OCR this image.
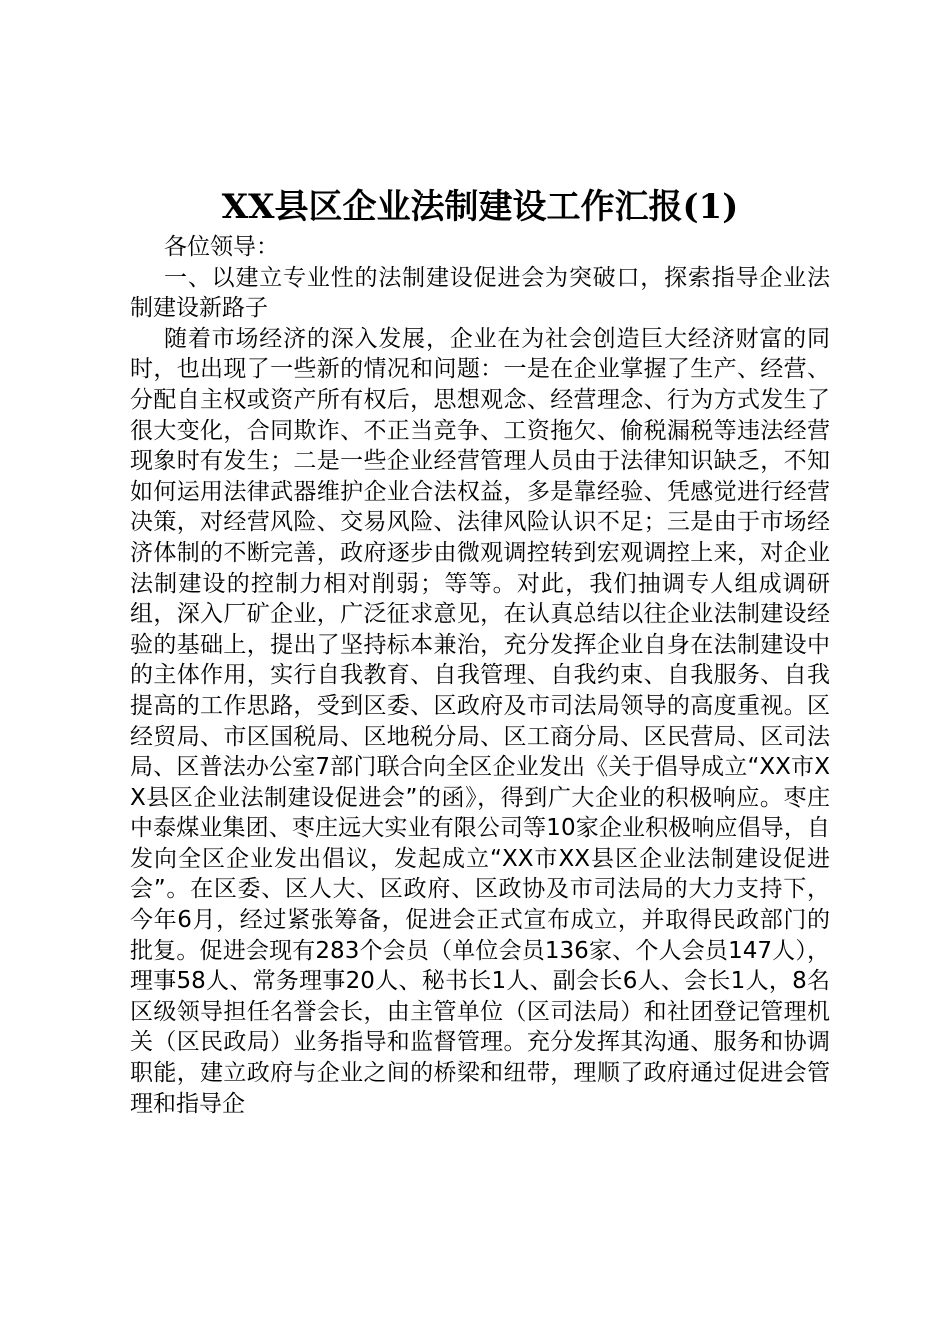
XX县区企业法制建设工作汇报(1)

各位领导：

一、以建立专业性的法制建设促进会为突破口，探索指导企业法制建设新路子

随着市场经济的深入发展，企业在为社会创造巨大经济财富的同时，也出现了一些新的情况和问题：一是在企业掌握了生产、经营、分配自主权或资产所有权后，思想观念、经营理念、行为方式发生了很大变化，合同欺诈、不正当竞争、工资拖欠、偷税漏税等违法经营现象时有发生；二是一些企业经营管理人员由于法律知识缺乏，不知如何运用法律武器维护企业合法权益，多是靠经验、凭感觉进行经营决策，对经营风险、交易风险、法律风险认识不足；三是由于市场经济体制的不断完善，政府逐步由微观调控转到宏观调控上来，对企业法制建设的控制力相对削弱；等等。对此，我们抽调专人组成调研组，深入厂矿企业，广泛征求意见，在认真总结以往企业法制建设经验的基础上，提出了坚持标本兼治，充分发挥企业自身在法制建设中的主体作用，实行自我教育、自我管理、自我约束、自我服务、自我提高的工作思路，受到区委、区政府及市司法局领导的高度重视。区经贸局、市区国税局、区地税分局、区工商分局、区民营局、区司法局、区普法办公室7部门联合向全区企业发出《关于倡导成立“XX市XX县区企业法制建设促进会”的函》，得到广大企业的积极响应。枣庄中泰煤业集团、枣庄远大实业有限公司等10家企业积极响应倡导，自发向全区企业发出倡议，发起成立“XX市XX县区企业法制建设促进会”。在区委、区人大、区政府、区政协及市司法局的大力支持下，今年6月，经过紧张筹备，促进会正式宣布成立，并取得民政部门的批复。促进会现有283个会员（单位会员136家、个人会员147人），理事58人、常务理事20人、秘书长1人、副会长6人、会长1人，8名区级领导担任名誉会长，由主管单位（区司法局）和社团登记管理机关（区民政局）业务指导和监督管理。充分发挥其沟通、服务和协调职能，建立政府与企业之间的桥梁和纽带，理顺了政府通过促进会管理和指导企
